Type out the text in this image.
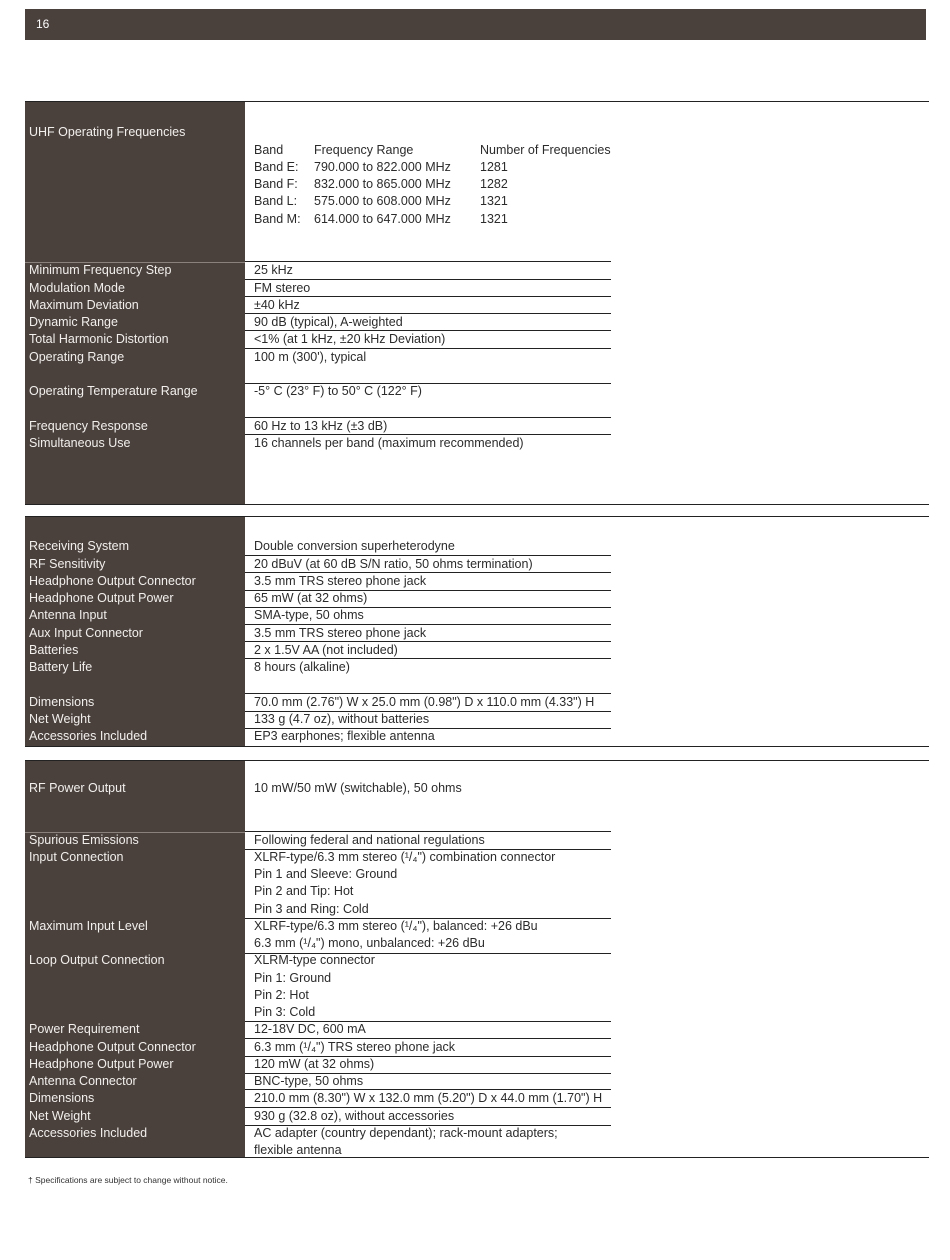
16
UHF Operating Frequencies
Band Frequency Range	Number of Frequencies
Band E: 790.000 to 822.000 MHz 1281
Band F: 832.000 to 865.000 MHz 1282
Band L: 575.000 to 608.000 MHz 1321
Band M: 614.000 to 647.000 MHz 1321
Minimum Frequency Step	25 kHz
Modulation Mode	FM stereo
Maximum Deviation	±40 kHz
Dynamic Range	90 dB (typical), A-weighted
Total Harmonic Distortion	<1% (at 1 kHz, ±20 kHz Deviation)
Operating Range	100 m (300'), typical
Operating Temperature Range	-5° C (23° F) to 50° C (122° F)
Frequency Response	60 Hz to 13 kHz (±3 dB)
Simultaneous Use	16 channels per band (maximum recommended)
Receiving System	Double conversion superheterodyne
RF Sensitivity	20 dBuV (at 60 dB S/N ratio, 50 ohms termination)
Headphone Output Connector	3.5 mm TRS stereo phone jack
Headphone Output Power	65 mW (at 32 ohms)
Antenna Input	SMA-type, 50 ohms
Aux Input Connector	3.5 mm TRS stereo phone jack
Batteries	2 x 1.5V AA (not included)
Battery Life	8 hours (alkaline)
Dimensions	70.0 mm (2.76") W x 25.0 mm (0.98") D x 110.0 mm (4.33") H
Net Weight	133 g (4.7 oz), without batteries
Accessories Included	EP3 earphones; flexible antenna
RF Power Output	10 mW/50 mW (switchable), 50 ohms
Spurious Emissions	Following federal and national regulations
Input Connection	XLRF-type/6.3 mm stereo (¹/₄") combination connector
Pin 1 and Sleeve: Ground
Pin 2 and Tip: Hot
Pin 3 and Ring: Cold
Maximum Input Level	XLRF-type/6.3 mm stereo (¹/₄"), balanced: +26 dBu
6.3 mm (¹/₄") mono, unbalanced: +26 dBu
Loop Output Connection	XLRM-type connector
Pin 1: Ground
Pin 2: Hot
Pin 3: Cold
Power Requirement	12-18V DC, 600 mA
Headphone Output Connector	6.3 mm (¹/₄") TRS stereo phone jack
Headphone Output Power	120 mW (at 32 ohms)
Antenna Connector	BNC-type, 50 ohms
Dimensions	210.0 mm (8.30") W x 132.0 mm (5.20") D x 44.0 mm (1.70") H
Net Weight	930 g (32.8 oz), without accessories
Accessories Included	AC adapter (country dependant); rack-mount adapters;
flexible antenna
† Specifications are subject to change without notice.
